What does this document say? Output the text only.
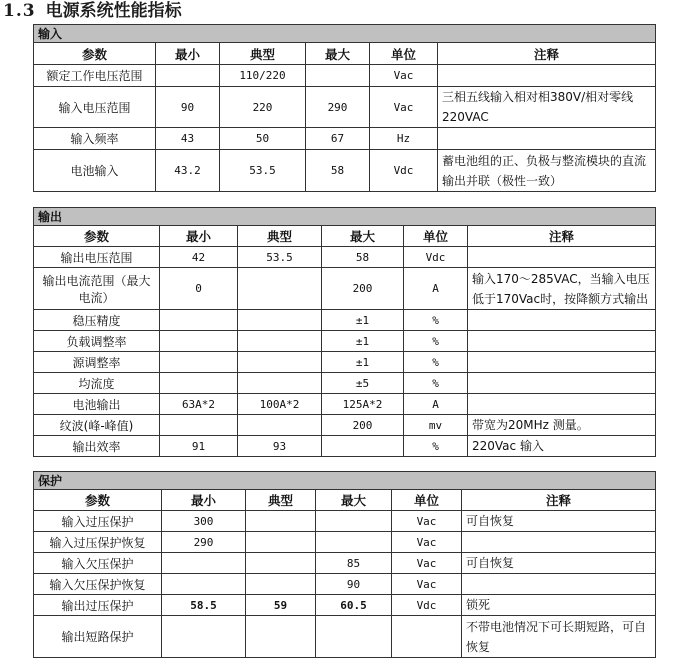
1.3 电源系统性能指标
输入					
参数	最小	典型	最大	单位	注释
额定工作电压范围		110/220		Vac	
输入电压范围	90	220	290	Vac	三相五线输入相对相380V/相对零线220VAC
输入频率	43	50	67	Hz	
电池输入	43.2	53.5	58	Vdc	蓄电池组的正、负极与整流模块的直流输出并联（极性一致）
输出					
参数	最小	典型	最大	单位	注释
输出电压范围	42	53.5	58	Vdc	
输出电流范围（最大电流）	0		200	A	输入170～285VAC，当输入电压低于170Vac时，按降额方式输出
稳压精度			±1	%	
负载调整率			±1	%	
源调整率			±1	%	
均流度			±5	%	
电池输出	63A*2	100A*2	125A*2	A	
纹波(峰-峰值)			200	mv	带宽为20MHz 测量。
输出效率	91	93		%	220Vac 输入
保护					
参数	最小	典型	最大	单位	注释
输入过压保护	300			Vac	可自恢复
输入过压保护恢复	290			Vac	
输入欠压保护			85	Vac	可自恢复
输入欠压保护恢复			90	Vac	
输出过压保护	58.5	59	60.5	Vdc	锁死
输出短路保护					不带电池情况下可长期短路，可自恢复
